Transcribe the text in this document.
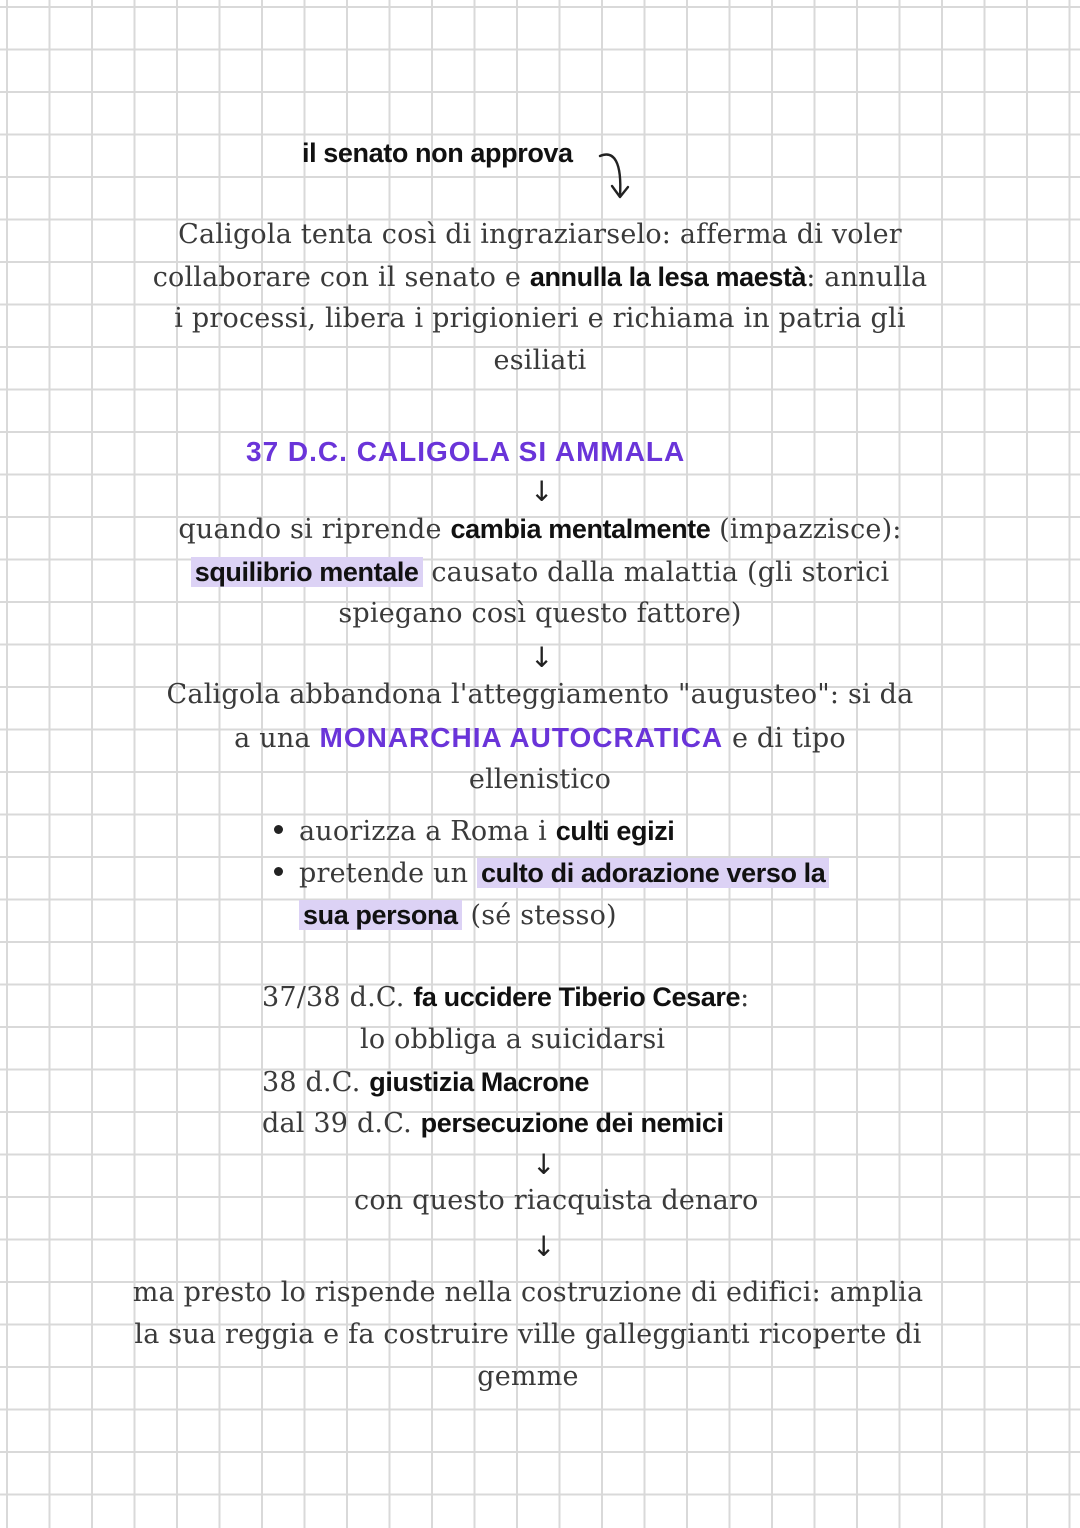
il senato non approva
Caligola tenta così di ingraziarselo: afferma di voler
collaborare con il senato e annulla la lesa maestà: annulla
i processi, libera i prigionieri e richiama in patria gli
esiliati
37 D.C. CALIGOLA SI AMMALA
↓
quando si riprende cambia mentalmente (impazzisce):
squilibrio mentale causato dalla malattia (gli storici
spiegano così questo fattore)
↓
Caligola abbandona l'atteggiamento "augusteo": si da
a una MONARCHIA AUTOCRATICA e di tipo
ellenistico
auorizza a Roma i culti egizi
pretende un culto di adorazione verso la
sua persona (sé stesso)
37/38 d.C. fa uccidere Tiberio Cesare:
lo obbliga a suicidarsi
38 d.C. giustizia Macrone
dal 39 d.C. persecuzione dei nemici
↓
con questo riacquista denaro
↓
ma presto lo rispende nella costruzione di edifici: amplia
la sua reggia e fa costruire ville galleggianti ricoperte di
gemme
